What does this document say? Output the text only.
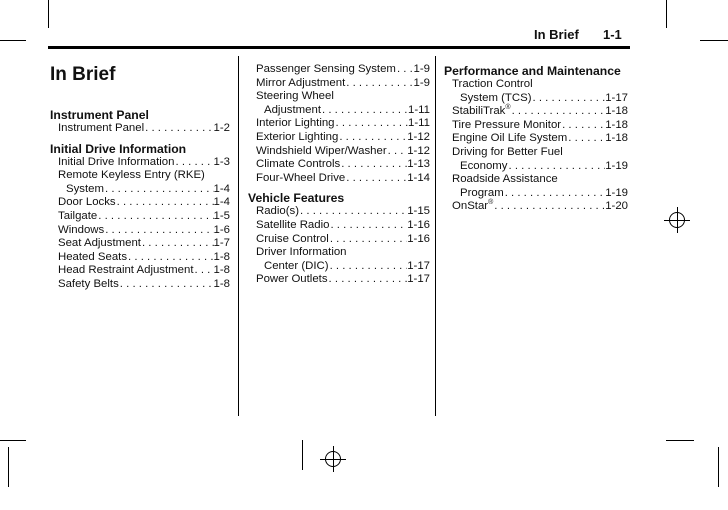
In Brief 1-1
In Brief
Instrument Panel
Instrument Panel . . .	1-2
Initial Drive Information
Initial Drive Information . . .	1-3
Remote Keyless Entry (RKE)
System . . .	1-4
Door Locks . . .	1-4
Tailgate . . .	1-5
Windows . . .	1-6
Seat Adjustment . . .	1-7
Heated Seats . . .	1-8
Head Restraint Adjustment . . . 1-8
Safety Belts . . .	1-8
Passenger Sensing System . . . 1-9
Mirror Adjustment . . .	1-9
Steering Wheel
Adjustment . . .	1-11
Interior Lighting . . .	1-11
Exterior Lighting . . .	1-12
Windshield Wiper/Washer . . . 1-12
Climate Controls . . .	1-13
Four-Wheel Drive . . .	1-14
Vehicle Features
Radio(s) . . .	1-15
Satellite Radio . . .	1-16
Cruise Control . . .	1-16
Driver Information
Center (DIC) . . .	1-17
Power Outlets . . .	1-17
Performance and Maintenance
Traction Control
System (TCS) . . .	1-17
StabiliTrak® . . .	1-18
Tire Pressure Monitor . . .	1-18
Engine Oil Life System . . .	1-18
Driving for Better Fuel
Economy . . .	1-19
Roadside Assistance
Program . . .	1-19
OnStar® . . .	1-20
